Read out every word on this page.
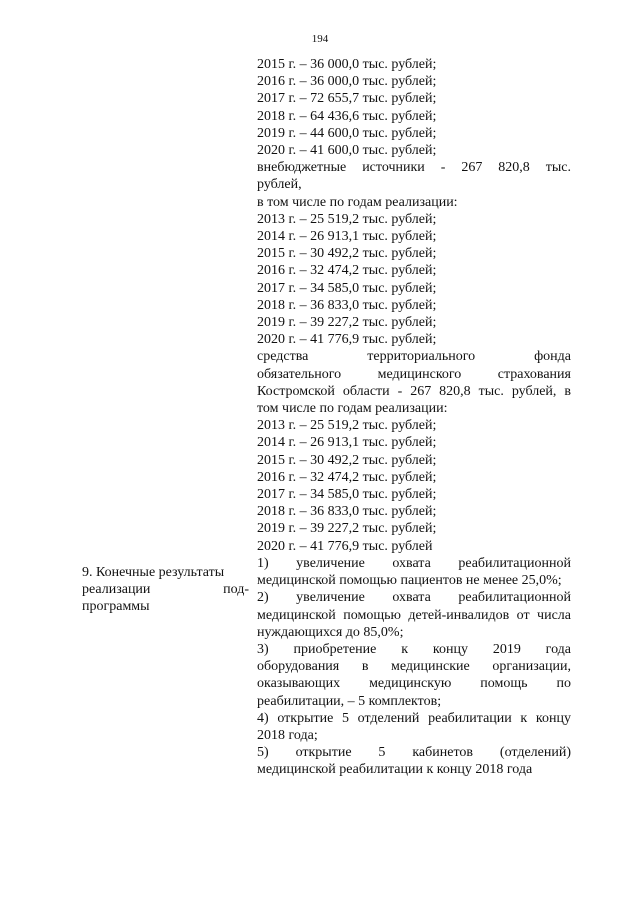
194
2015 г. – 36 000,0 тыс. рублей;
2016 г. – 36 000,0 тыс. рублей;
2017 г. – 72 655,7 тыс. рублей;
2018 г. – 64 436,6 тыс. рублей;
2019 г. – 44 600,0 тыс. рублей;
2020 г. – 41 600,0 тыс. рублей;
внебюджетные источники - 267 820,8 тыс.
рублей,
в том числе по годам реализации:
2013 г. – 25 519,2 тыс. рублей;
2014 г. – 26 913,1 тыс. рублей;
2015 г. – 30 492,2 тыс. рублей;
2016 г. – 32 474,2 тыс. рублей;
2017 г. – 34 585,0 тыс. рублей;
2018 г. – 36 833,0 тыс. рублей;
2019 г. – 39 227,2 тыс. рублей;
2020 г. – 41 776,9 тыс. рублей;
средства территориального фонда
обязательного медицинского страхования
Костромской области - 267 820,8 тыс. рублей, в
том числе по годам реализации:
2013 г. – 25 519,2 тыс. рублей;
2014 г. – 26 913,1 тыс. рублей;
2015 г. – 30 492,2 тыс. рублей;
2016 г. – 32 474,2 тыс. рублей;
2017 г. – 34 585,0 тыс. рублей;
2018 г. – 36 833,0 тыс. рублей;
2019 г. – 39 227,2 тыс. рублей;
2020 г. – 41 776,9 тыс. рублей
1) увеличение охвата реабилитационной
медицинской помощью пациентов не менее 25,0%;
2) увеличение охвата реабилитационной
медицинской помощью детей-инвалидов от числа нуждающихся до 85,0%;
3) приобретение к концу 2019 года
оборудования в медицинские организации, оказывающих медицинскую помощь по реабилитации, – 5 комплектов;
4) открытие 5 отделений реабилитации к концу
2018 года;
5) открытие 5 кабинетов (отделений)
медицинской реабилитации к концу 2018 года
9. Конечные результаты
реализации под-
программы
